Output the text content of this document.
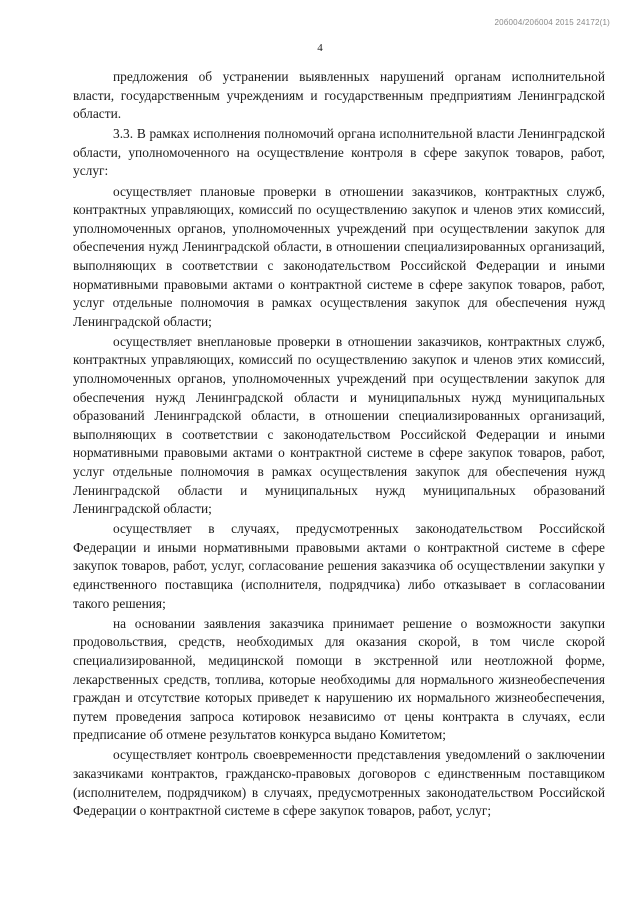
20б004/20б004 2015 24172(1)
4

предложения об устранении выявленных нарушений органам исполнительной власти, государственным учреждениям и государственным предприятиям Ленинградской области.

3.3. В рамках исполнения полномочий органа исполнительной власти Ленинградской области, уполномоченного на осуществление контроля в сфере закупок товаров, работ, услуг:

осуществляет плановые проверки в отношении заказчиков, контрактных служб, контрактных управляющих, комиссий по осуществлению закупок и членов этих комиссий, уполномоченных органов, уполномоченных учреждений при осуществлении закупок для обеспечения нужд Ленинградской области, в отношении специализированных организаций, выполняющих в соответствии с законодательством Российской Федерации и иными нормативными правовыми актами о контрактной системе в сфере закупок товаров, работ, услуг отдельные полномочия в рамках осуществления закупок для обеспечения нужд Ленинградской области;

осуществляет внеплановые проверки в отношении заказчиков, контрактных служб, контрактных управляющих, комиссий по осуществлению закупок и членов этих комиссий, уполномоченных органов, уполномоченных учреждений при осуществлении закупок для обеспечения нужд Ленинградской области и муниципальных нужд муниципальных образований Ленинградской области, в отношении специализированных организаций, выполняющих в соответствии с законодательством Российской Федерации и иными нормативными правовыми актами о контрактной системе в сфере закупок товаров, работ, услуг отдельные полномочия в рамках осуществления закупок для обеспечения нужд Ленинградской области и муниципальных нужд муниципальных образований Ленинградской области;

осуществляет в случаях, предусмотренных законодательством Российской Федерации и иными нормативными правовыми актами о контрактной системе в сфере закупок товаров, работ, услуг, согласование решения заказчика об осуществлении закупки у единственного поставщика (исполнителя, подрядчика) либо отказывает в согласовании такого решения;

на основании заявления заказчика принимает решение о возможности закупки продовольствия, средств, необходимых для оказания скорой, в том числе скорой специализированной, медицинской помощи в экстренной или неотложной форме, лекарственных средств, топлива, которые необходимы для нормального жизнеобеспечения граждан и отсутствие которых приведет к нарушению их нормального жизнеобеспечения, путем проведения запроса котировок независимо от цены контракта в случаях, если предписание об отмене результатов конкурса выдано Комитетом;

осуществляет контроль своевременности представления уведомлений о заключении заказчиками контрактов, гражданско-правовых договоров с единственным поставщиком (исполнителем, подрядчиком) в случаях, предусмотренных законодательством Российской Федерации о контрактной системе в сфере закупок товаров, работ, услуг;
